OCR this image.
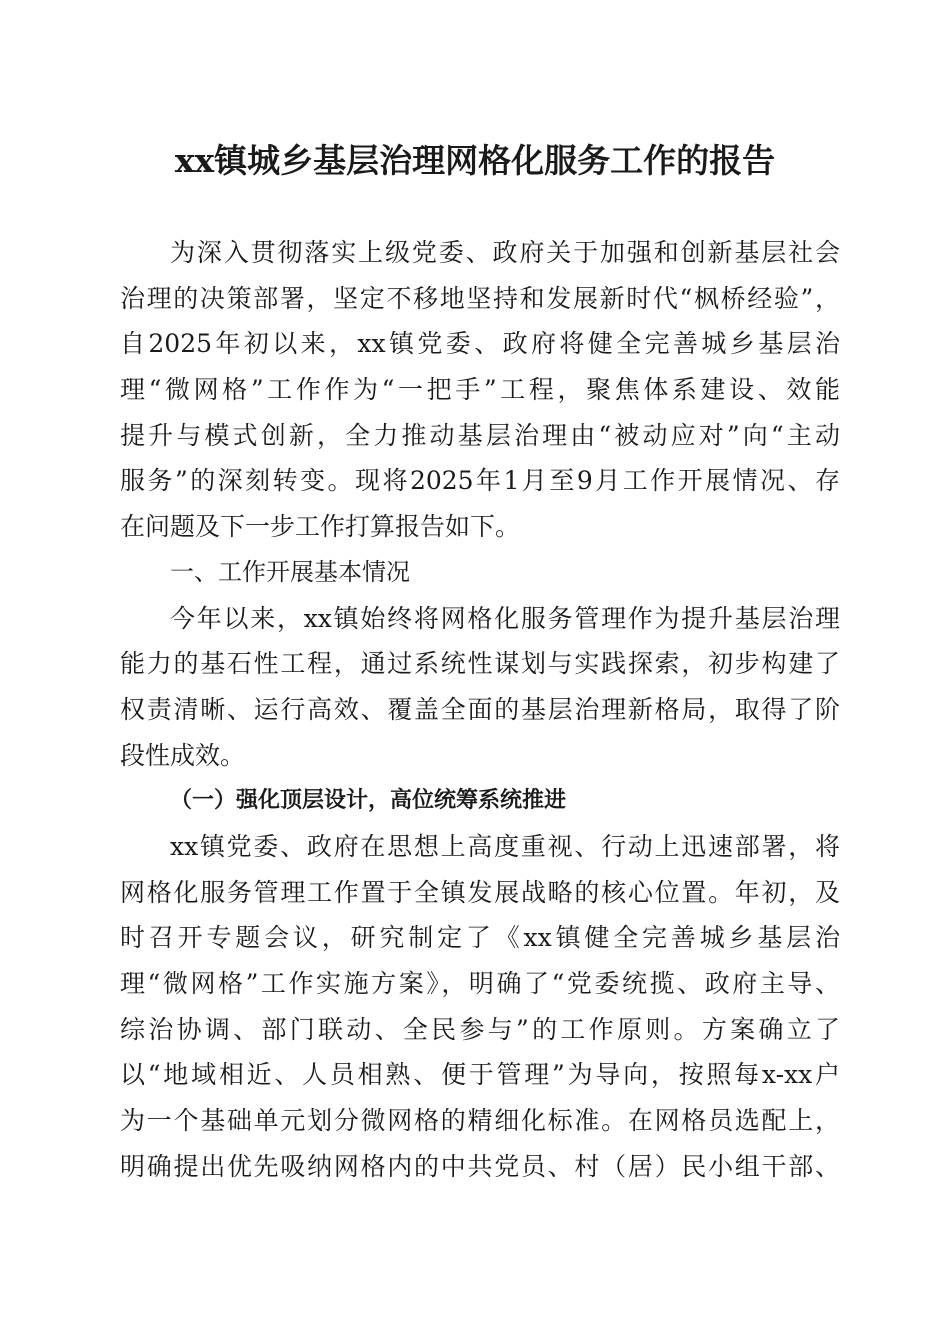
xx镇城乡基层治理网格化服务工作的报告
为深入贯彻落实上级党委、政府关于加强和创新基层社会
治理的决策部署，坚定不移地坚持和发展新时代“枫桥经验”，
自2025年初以来，xx镇党委、政府将健全完善城乡基层治
理“微网格”工作作为“一把手”工程，聚焦体系建设、效能
提升与模式创新，全力推动基层治理由“被动应对”向“主动
服务”的深刻转变。现将2025年1月至9月工作开展情况、存
在问题及下一步工作打算报告如下。
一、工作开展基本情况
今年以来，xx镇始终将网格化服务管理作为提升基层治理
能力的基石性工程，通过系统性谋划与实践探索，初步构建了
权责清晰、运行高效、覆盖全面的基层治理新格局，取得了阶
段性成效。
（一）强化顶层设计，高位统筹系统推进
xx镇党委、政府在思想上高度重视、行动上迅速部署，将
网格化服务管理工作置于全镇发展战略的核心位置。年初，及
时召开专题会议，研究制定了《xx镇健全完善城乡基层治
理“微网格”工作实施方案》，明确了“党委统揽、政府主导、
综治协调、部门联动、全民参与”的工作原则。方案确立了
以“地域相近、人员相熟、便于管理”为导向，按照每x-xx户
为一个基础单元划分微网格的精细化标准。在网格员选配上，
明确提出优先吸纳网格内的中共党员、村（居）民小组干部、
